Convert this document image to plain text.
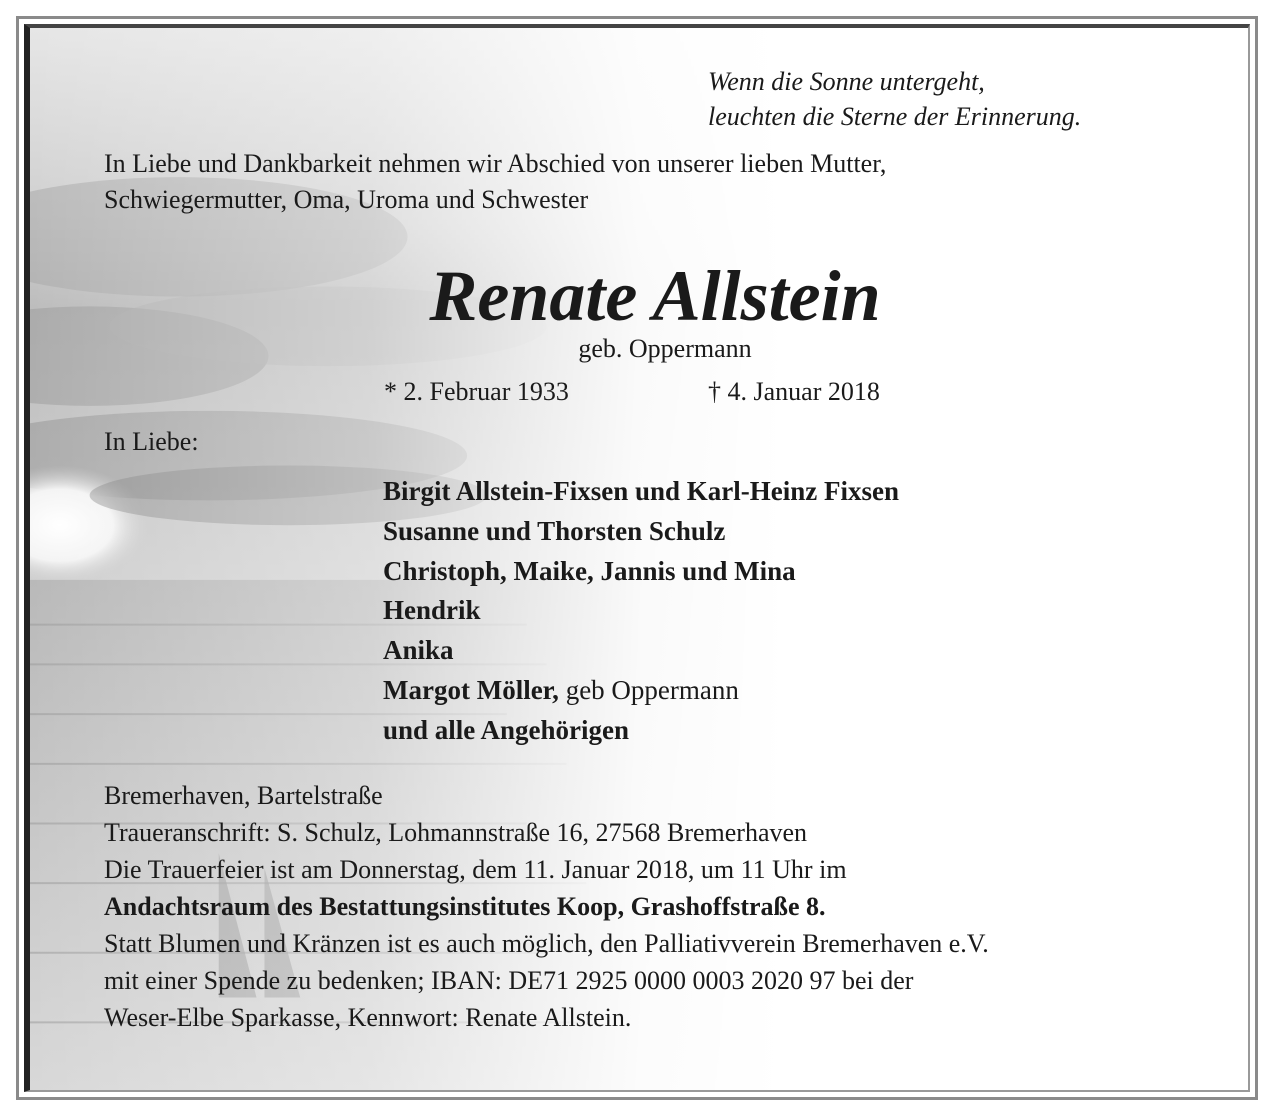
Wenn die Sonne untergeht,
leuchten die Sterne der Erinnerung.
In Liebe und Dankbarkeit nehmen wir Abschied von unserer lieben Mutter,
Schwiegermutter, Oma, Uroma und Schwester
Renate Allstein
geb. Oppermann
* 2. Februar 1933	† 4. Januar 2018
In Liebe:
Birgit Allstein-Fixsen und Karl-Heinz Fixsen
Susanne und Thorsten Schulz
Christoph, Maike, Jannis und Mina
Hendrik
Anika
Margot Möller, geb Oppermann
und alle Angehörigen
Bremerhaven, Bartelstraße
Traueranschrift: S. Schulz, Lohmannstraße 16, 27568 Bremerhaven
Die Trauerfeier ist am Donnerstag, dem 11. Januar 2018, um 11 Uhr im
Andachtsraum des Bestattungsinstitutes Koop, Grashoffstraße 8.
Statt Blumen und Kränzen ist es auch möglich, den Palliativverein Bremerhaven e.V.
mit einer Spende zu bedenken; IBAN: DE71 2925 0000 0003 2020 97 bei der
Weser-Elbe Sparkasse, Kennwort: Renate Allstein.
